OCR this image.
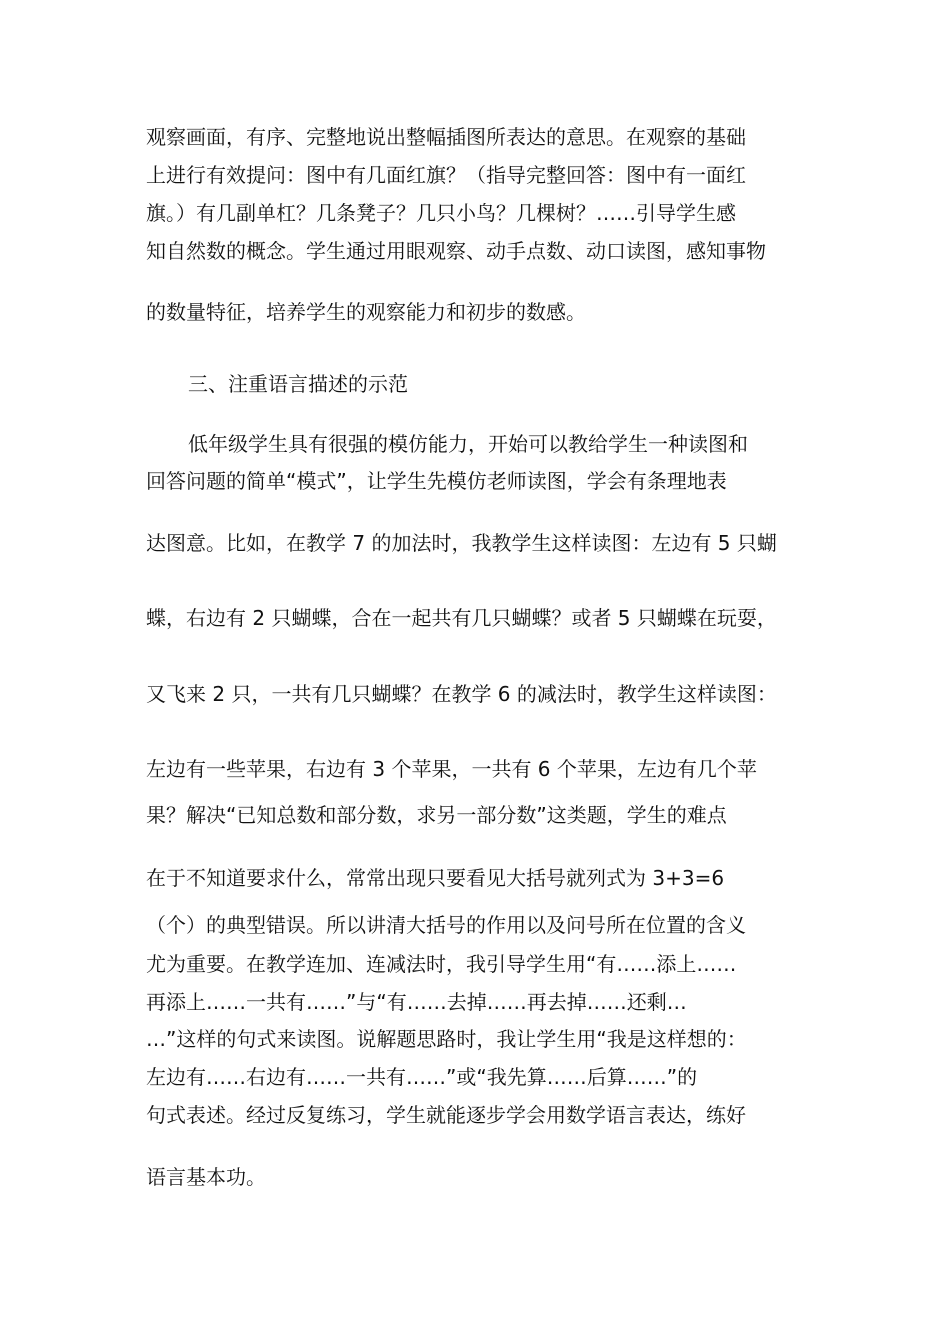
观察画面，有序、完整地说出整幅插图所表达的意思。在观察的基础

上进行有效提问：图中有几面红旗？（指导完整回答：图中有一面红

旗。）有几副单杠？几条凳子？几只小鸟？几棵树？……引导学生感

知自然数的概念。学生通过用眼观察、动手点数、动口读图，感知事物

的数量特征，培养学生的观察能力和初步的数感。

三、注重语言描述的示范

低年级学生具有很强的模仿能力，开始可以教给学生一种读图和

回答问题的简单“模式”，让学生先模仿老师读图，学会有条理地表

达图意。比如，在教学 7 的加法时，我教学生这样读图：左边有 5 只蝴

蝶，右边有 2 只蝴蝶，合在一起共有几只蝴蝶？或者 5 只蝴蝶在玩耍，

又飞来 2 只，一共有几只蝴蝶？在教学 6 的减法时，教学生这样读图：

左边有一些苹果，右边有 3 个苹果，一共有 6 个苹果，左边有几个苹

果？解决“已知总数和部分数，求另一部分数”这类题，学生的难点

在于不知道要求什么，常常出现只要看见大括号就列式为 3+3=6

（个）的典型错误。所以讲清大括号的作用以及问号所在位置的含义

尤为重要。在教学连加、连减法时，我引导学生用“有……添上……

再添上……一共有……”与“有……去掉……再去掉……还剩…

…”这样的句式来读图。说解题思路时，我让学生用“我是这样想的：

左边有……右边有……一共有……”或“我先算……后算……”的

句式表述。经过反复练习，学生就能逐步学会用数学语言表达，练好

语言基本功。
